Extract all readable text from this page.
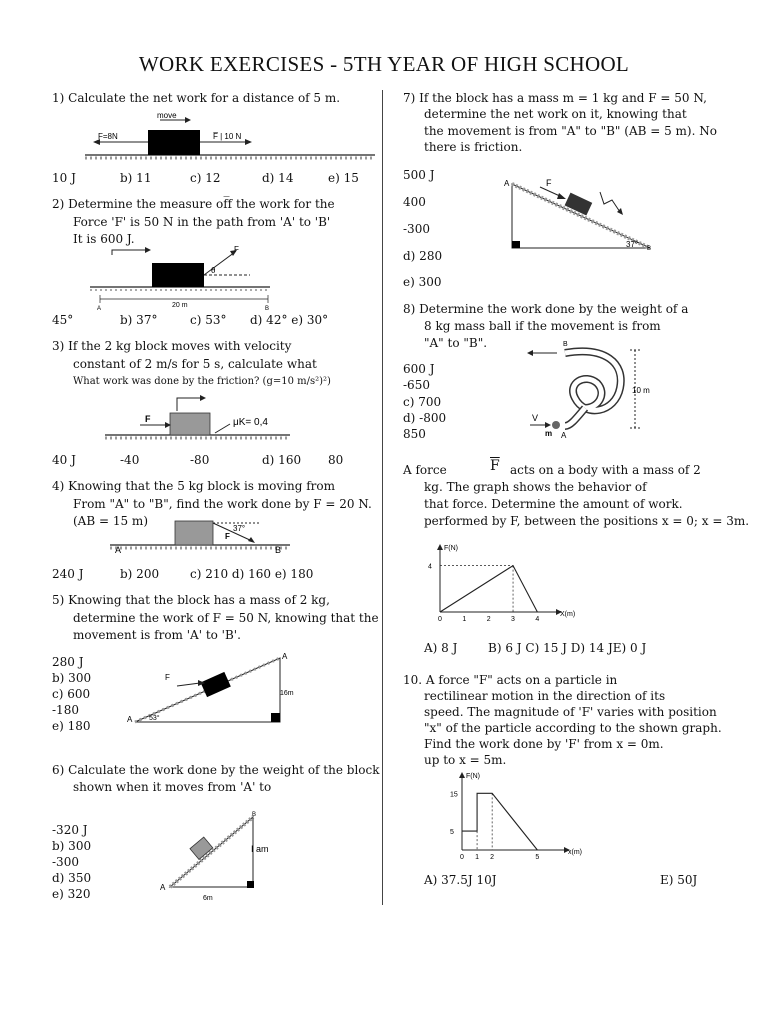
WORK EXERCISES - 5TH YEAR OF HIGH SCHOOL
1) Calculate the net work for a distance of 5 m.
move
F=8N	F̅ | 10 N
10 J	b) 11	c) 12	d) 14	e) 15
2) Determine the measure of̅f the work for the
Force 'F' is 50 N in the path from 'A' to 'B'
It is 600 J.
θ
F
20 m
A	B
45°	b) 37°	c) 53° d) 42° e) 30°
3) If the 2 kg block moves with velocity
constant of 2 m/s for 5 s, calculate what
What work was done by the friction? (g=10 m/s²)²)
F	μK= 0,4
40 J	-40	-80	d) 160 80
4) Knowing that the 5 kg block is moving from
From "A" to "B", find the work done by F = 20 N.
(AB = 15 m)
37°
F
A	B
240 J	b) 200	c) 210 d) 160 e) 180
5) Knowing that the block has a mass of 2 kg,
determine the work of F = 50 N, knowing that the
movement is from 'A' to 'B'.
F
A
16m
A 53°
280 J
b) 300
c) 600
-180
e) 180
6) Calculate the work done by the weight of the block
shown when it moves from 'A' to
B
I am
A
6m
-320 J
b) 300
-300
d) 350
e) 320
7) If the block has a mass m = 1 kg and F = 50 N,
determine the net work on it, knowing that
the movement is from "A" to "B" (AB = 5 m). No
there is friction.
F
A
B
37°
500 J
400
-300
d) 280
e) 300
8) Determine the work done by the weight of a
8 kg mass ball if the movement is from
"A" to "B".	B
10 m
V
m A
600 J
-650
c) 700
d) -800
850
A force	$\overline{F}$ acts on a body with a mass of 2
kg. The graph shows the behavior of
that force. Determine the amount of work.
performed by F, between the positions x = 0; x = 3m.
F(N)
X(m)
0	1	2	3	4
4
A) 8 J	B) 6 J C) 15 J D) 14 JE) 0 J
10. A force "F" acts on a particle in
rectilinear motion in the direction of its
speed. The magnitude of 'F' varies with position
"x" of the particle according to the shown graph.
Find the work done by 'F' from x = 0m.
up to x = 5m.
F(N)
x(m)
0 1 2	5
15
5
A) 37.5J 10J	E) 50J
